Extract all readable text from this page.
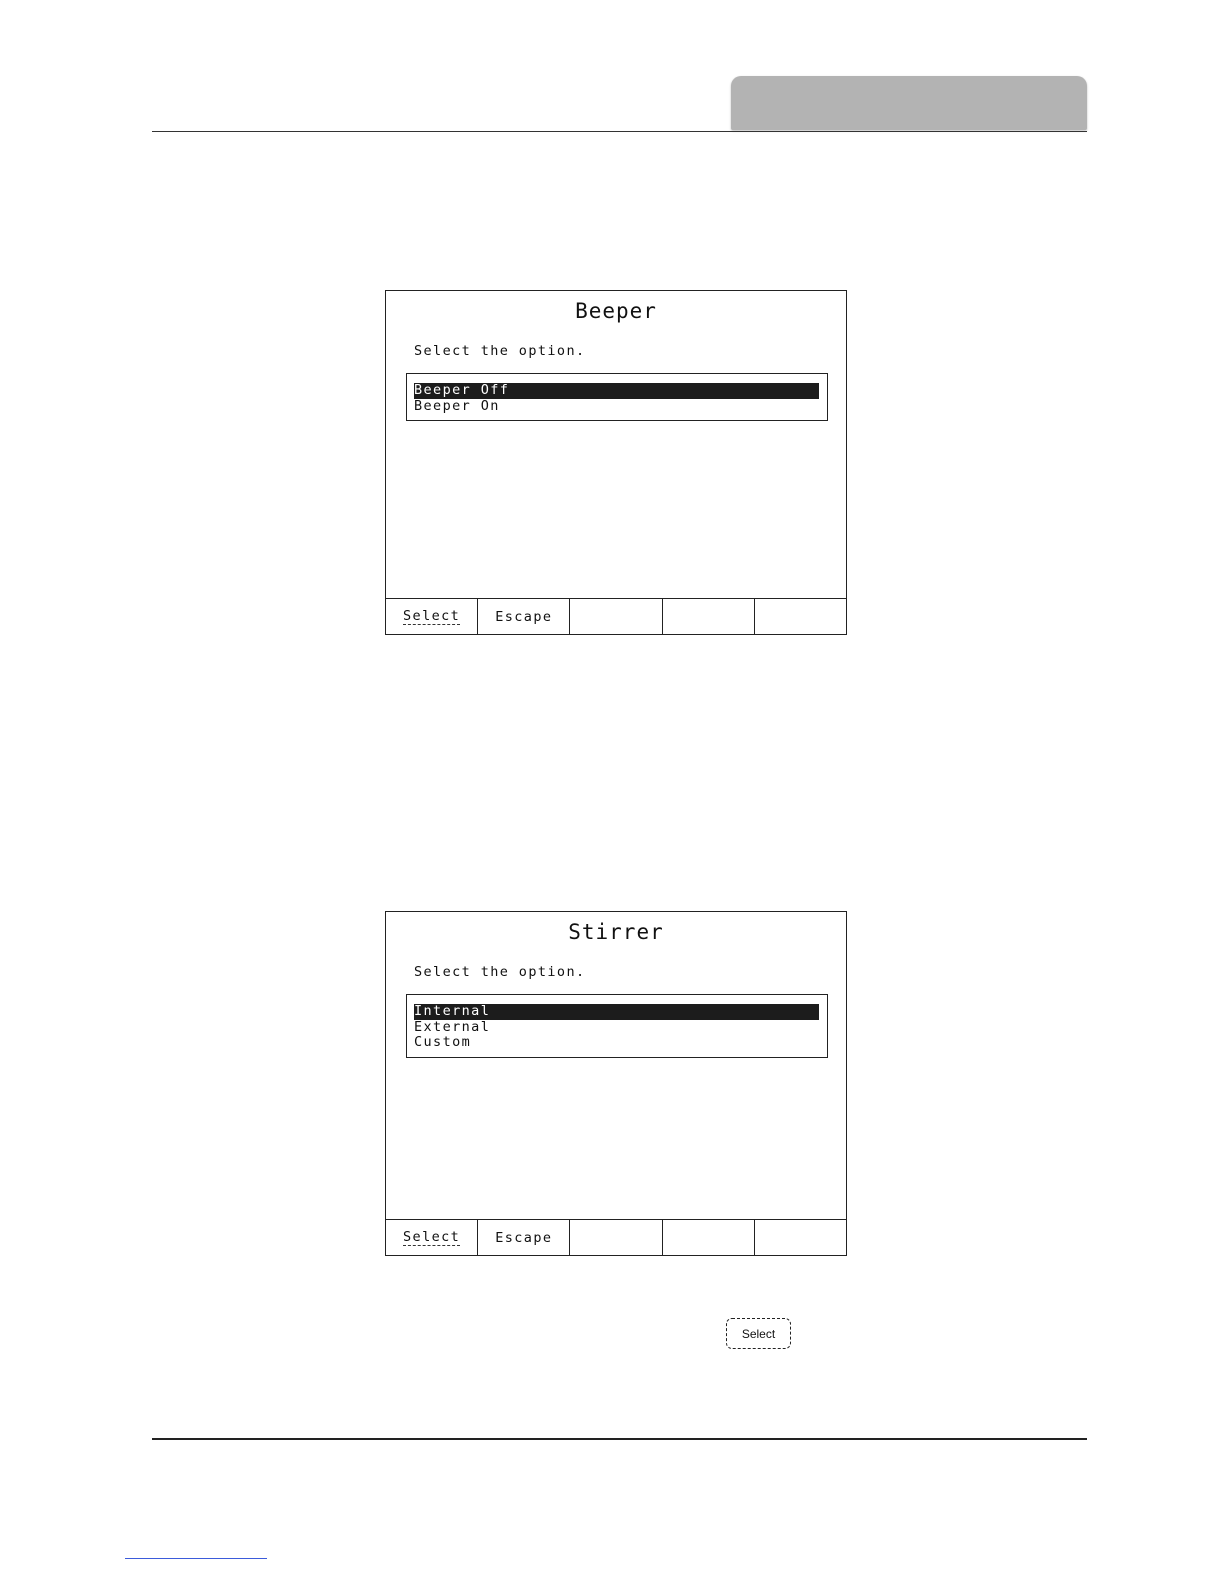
Beeper
Select the option.
Beeper Off
Beeper On
Select	Escape
Stirrer
Select the option.
Internal
External
Custom
Select	Escape
Select
